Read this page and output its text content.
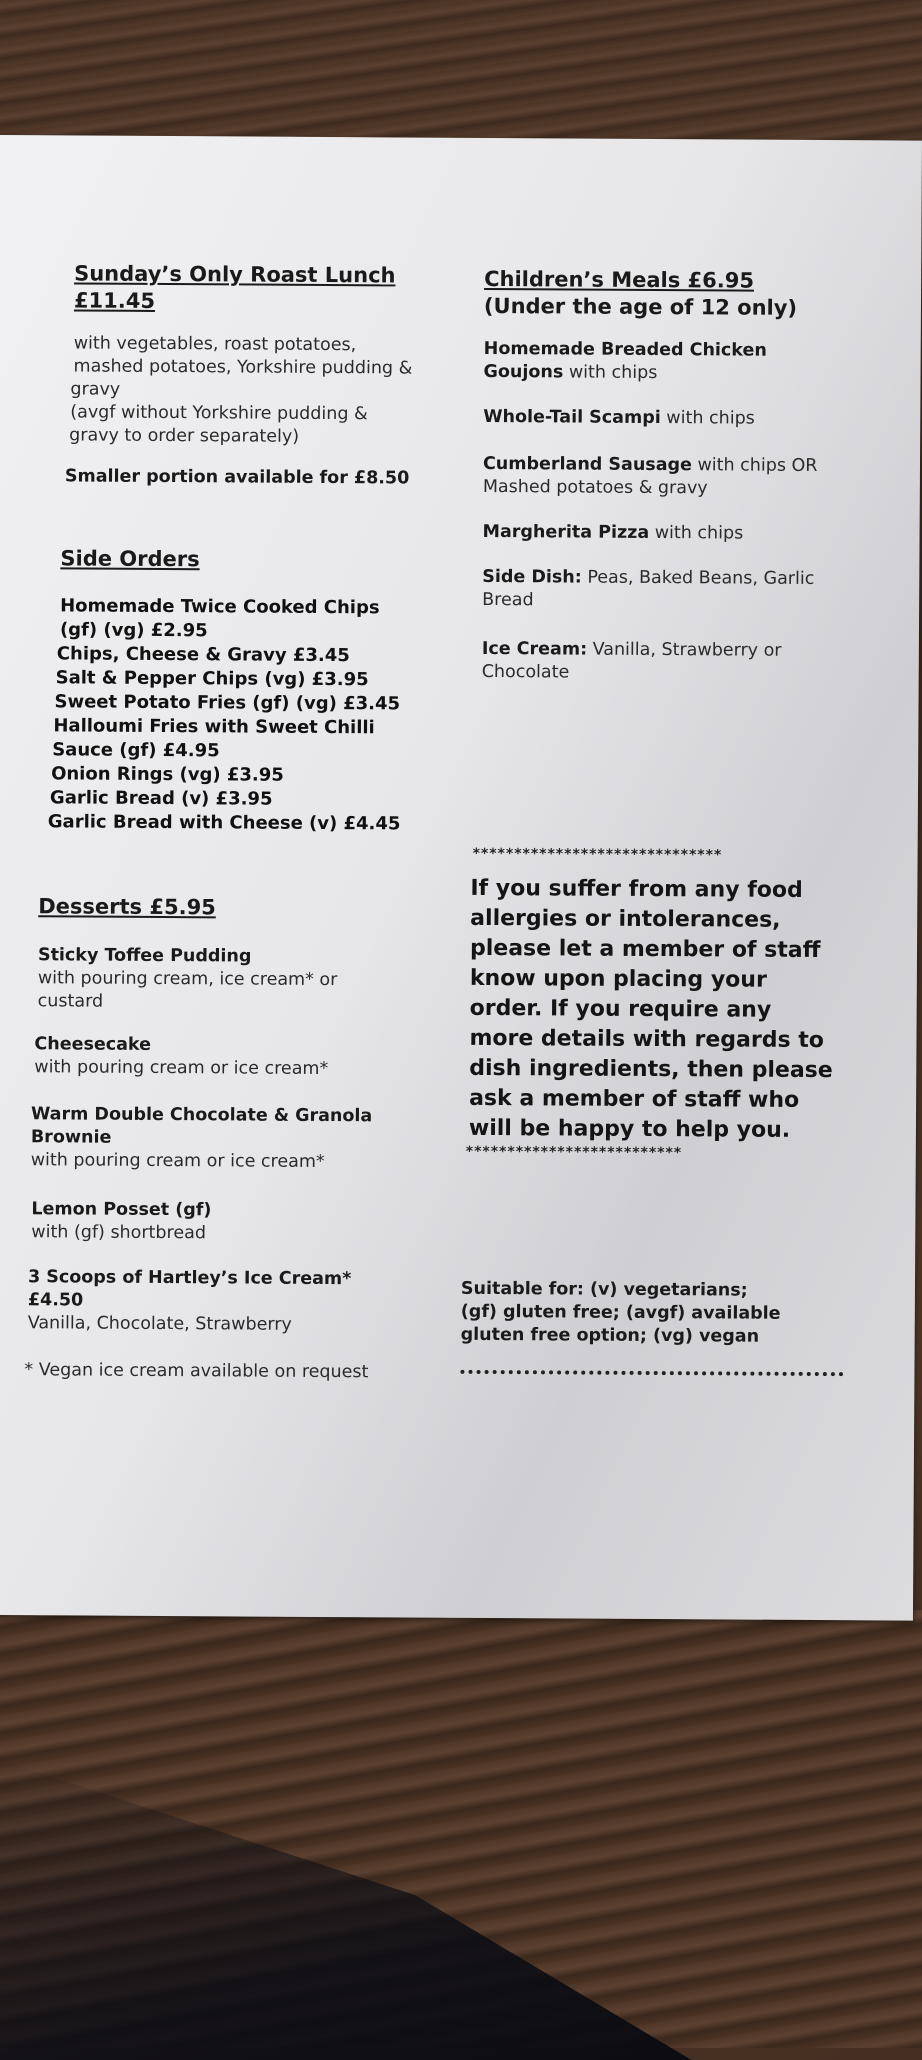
Sunday’s Only Roast Lunch
£11.45
with vegetables, roast potatoes,
mashed potatoes, Yorkshire pudding &
gravy
(avgf without Yorkshire pudding &
gravy to order separately)
Smaller portion available for £8.50
Side Orders
Homemade Twice Cooked Chips
(gf) (vg) £2.95
Chips, Cheese & Gravy £3.45
Salt & Pepper Chips (vg) £3.95
Sweet Potato Fries (gf) (vg) £3.45
Halloumi Fries with Sweet Chilli
Sauce (gf) £4.95
Onion Rings (vg) £3.95
Garlic Bread (v) £3.95
Garlic Bread with Cheese (v) £4.45
Desserts £5.95
Sticky Toffee Pudding
with pouring cream, ice cream* or
custard
Cheesecake
with pouring cream or ice cream*
Warm Double Chocolate & Granola
Brownie
with pouring cream or ice cream*
Lemon Posset (gf)
with (gf) shortbread
3 Scoops of Hartley’s Ice Cream*
£4.50
Vanilla, Chocolate, Strawberry
* Vegan ice cream available on request
Children’s Meals £6.95
(Under the age of 12 only)
Homemade Breaded Chicken
Goujons with chips
Whole-Tail Scampi with chips
Cumberland Sausage with chips OR
Mashed potatoes & gravy
Margherita Pizza with chips
Side Dish: Peas, Baked Beans, Garlic
Bread
Ice Cream: Vanilla, Strawberry or
Chocolate
******************************
If you suffer from any food
allergies or intolerances,
please let a member of staff
know upon placing your
order. If you require any
more details with regards to
dish ingredients, then please
ask a member of staff who
will be happy to help you.
**************************
Suitable for: (v) vegetarians;
(gf) gluten free; (avgf) available
gluten free option; (vg) vegan
